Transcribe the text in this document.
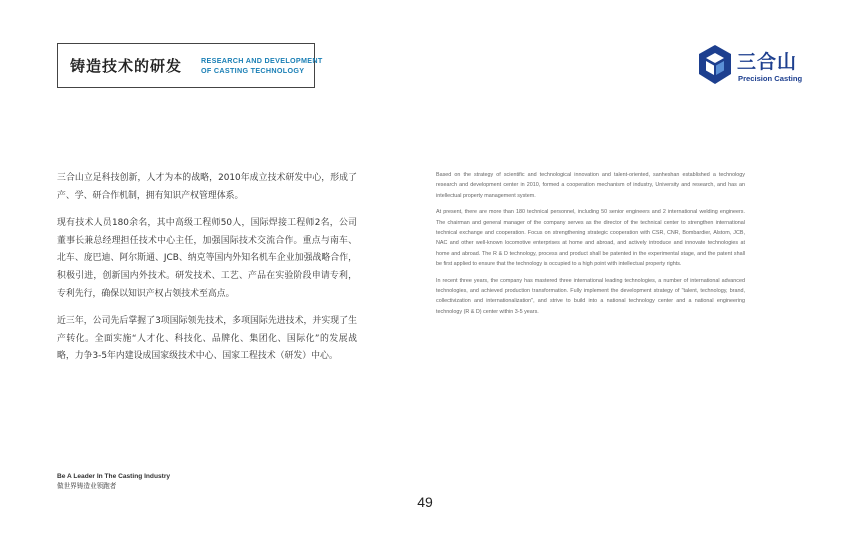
铸造技术的研发	RESEARCH AND DEVELOPMENT
OF CASTING TECHNOLOGY	三合山
Precision Casting

三合山立足科技创新，人才为本的战略，2010年成立技术研发中心，形成了产、学、研合作机制，拥有知识产权管理体系。

现有技术人员180余名，其中高级工程师50人，国际焊接工程师2名，公司董事长兼总经理担任技术中心主任，加强国际技术交流合作。重点与南车、北车、庞巴迪、阿尔斯通、JCB、纳克等国内外知名机车企业加强战略合作，积极引进，创新国内外技术。研发技术、工艺、产品在实验阶段申请专利，专利先行，确保以知识产权占领技术至高点。

近三年，公司先后掌握了3项国际领先技术，多项国际先进技术，并实现了生产转化。全面实施“人才化、科技化、品牌化、集团化、国际化”的发展战略，力争3-5年内建设成国家级技术中心、国家工程技术（研发）中心。

Based on the strategy of scientific and technological innovation and talent-oriented, sanheshan established a technology research and development center in 2010, formed a cooperation mechanism of industry, University and research, and has an intellectual property management system.

At present, there are more than 180 technical personnel, including 50 senior engineers and 2 international welding engineers. The chairman and general manager of the company serves as the director of the technical center to strengthen international technical exchange and cooperation. Focus on strengthening strategic cooperation with CSR, CNR, Bombardier, Alstom, JCB, NAC and other well-known locomotive enterprises at home and abroad, and actively introduce and innovate technologies at home and abroad. The R & D technology, process and product shall be patented in the experimental stage, and the patent shall be first applied to ensure that the technology is occupied to a high point with intellectual property rights.

In recent three years, the company has mastered three international leading technologies, a number of international advanced technologies, and achieved production transformation. Fully implement the development strategy of "talent, technology, brand, collectivization and internationalization", and strive to build into a national technology center and a national engineering technology (R & D) center within 3-5 years.

Be A Leader In The Casting Industry
做世界铸造业领跑者
49
